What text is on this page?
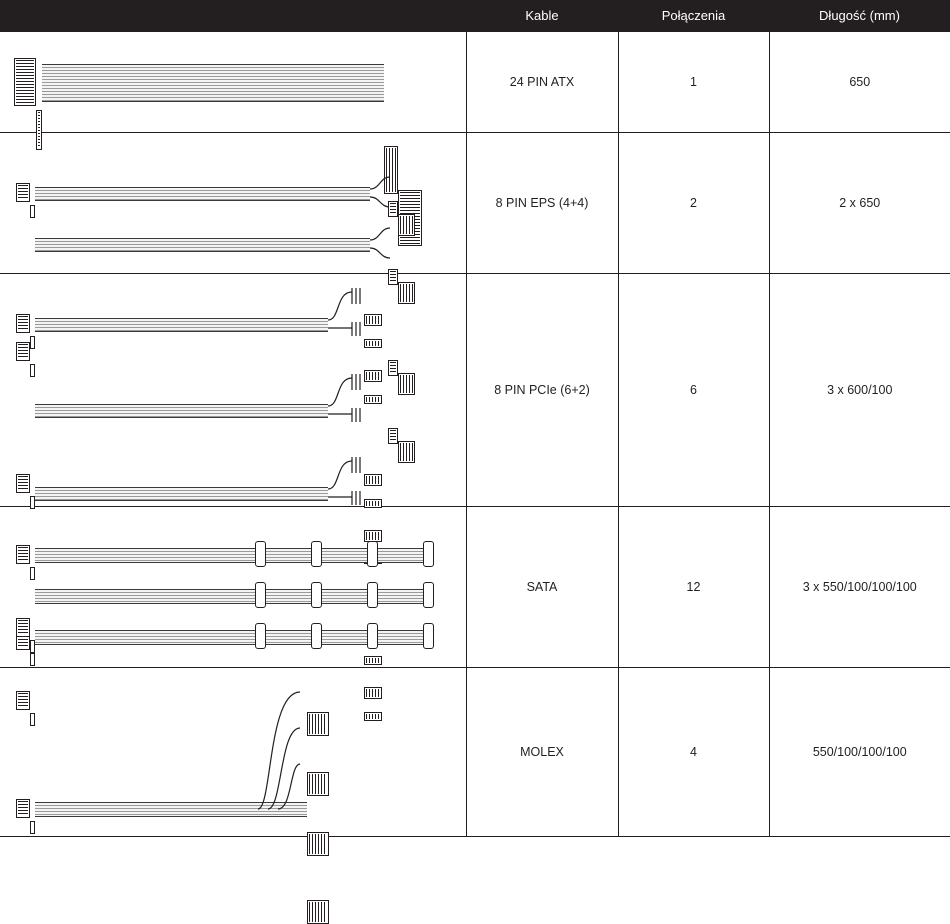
	Kable	Połączenia	Długość (mm)

	24 PIN ATX	1	650

	8 PIN EPS (4+4)	2	2 x 650

	8 PIN PCIe (6+2)	6	3 x 600/100

	SATA	12	3 x 550/100/100/100

	MOLEX	4	550/100/100/100
